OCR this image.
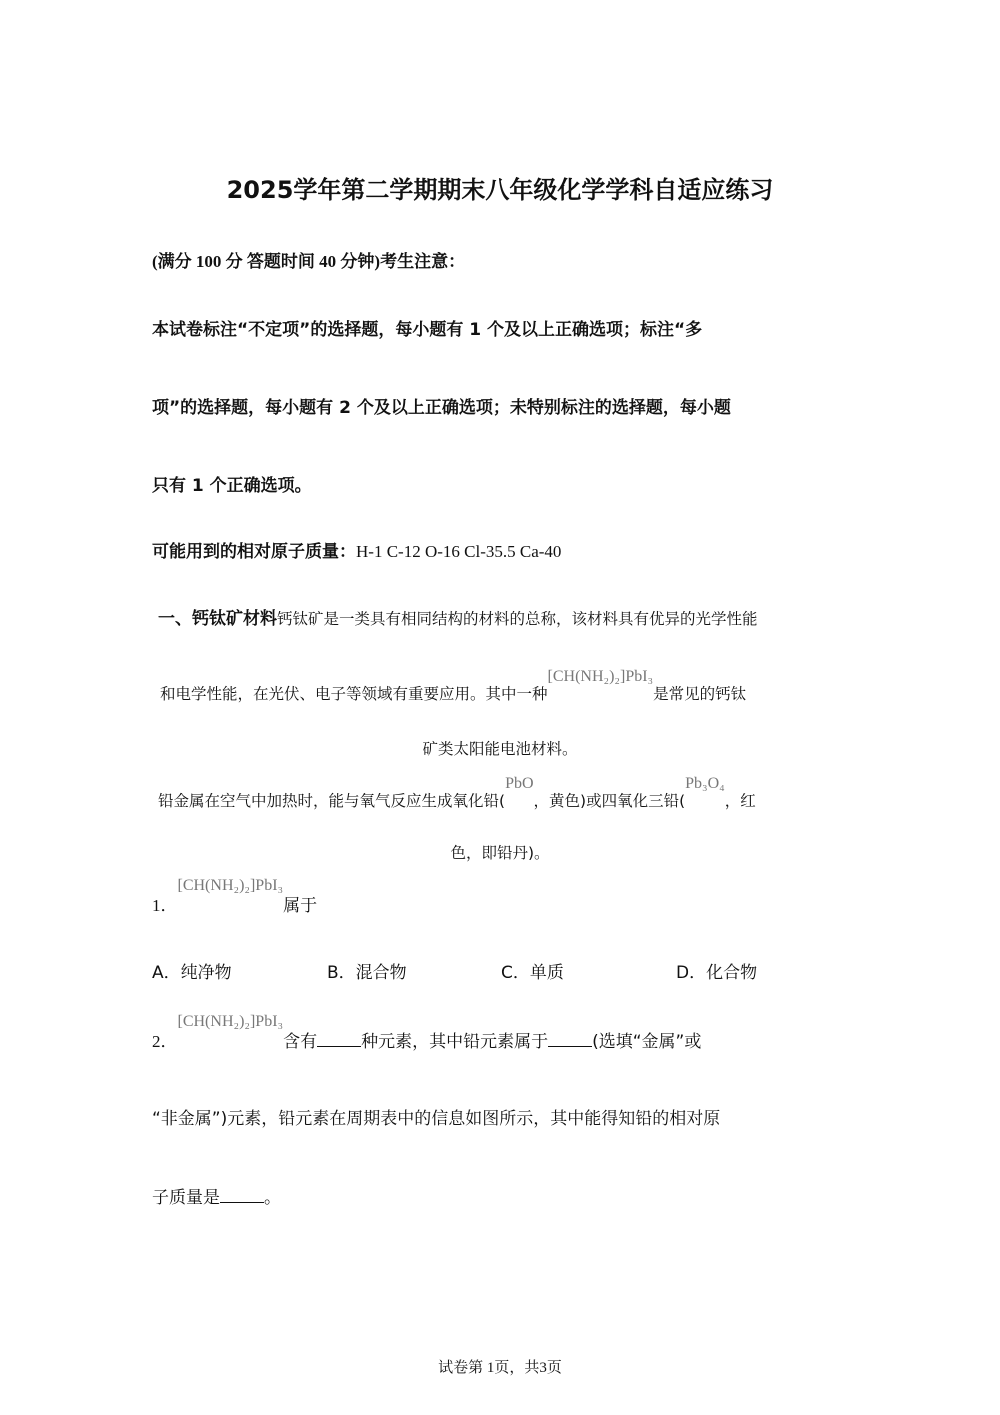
2025学年第二学期期末八年级化学学科自适应练习
(满分 100 分 答题时间 40 分钟)考生注意：
本试卷标注“不定项”的选择题，每小题有 1 个及以上正确选项；标注“多
项”的选择题，每小题有 2 个及以上正确选项；未特别标注的选择题，每小题
只有 1 个正确选项。
可能用到的相对原子质量：H-1 C-12 O-16 Cl-35.5 Ca-40
一、钙钛矿材料钙钛矿是一类具有相同结构的材料的总称，该材料具有优异的光学性能
和电学性能，在光伏、电子等领域有重要应用。其中一种[CH(NH₂)₂]PbI₃是常见的钙钛
矿类太阳能电池材料。
铅金属在空气中加热时，能与氧气反应生成氧化铅(PbO，黄色)或四氧化三铅(Pb₃O₄，红
色，即铅丹)。
1．[CH(NH₂)₂]PbI₃属于
A．纯净物	B．混合物	C．单质	D．化合物
2．[CH(NH₂)₂]PbI₃含有	种元素，其中铅元素属于	(选填“金属”或
“非金属”)元素，铅元素在周期表中的信息如图所示，其中能得知铅的相对原
子质量是	。
试卷第 1页，共3页
